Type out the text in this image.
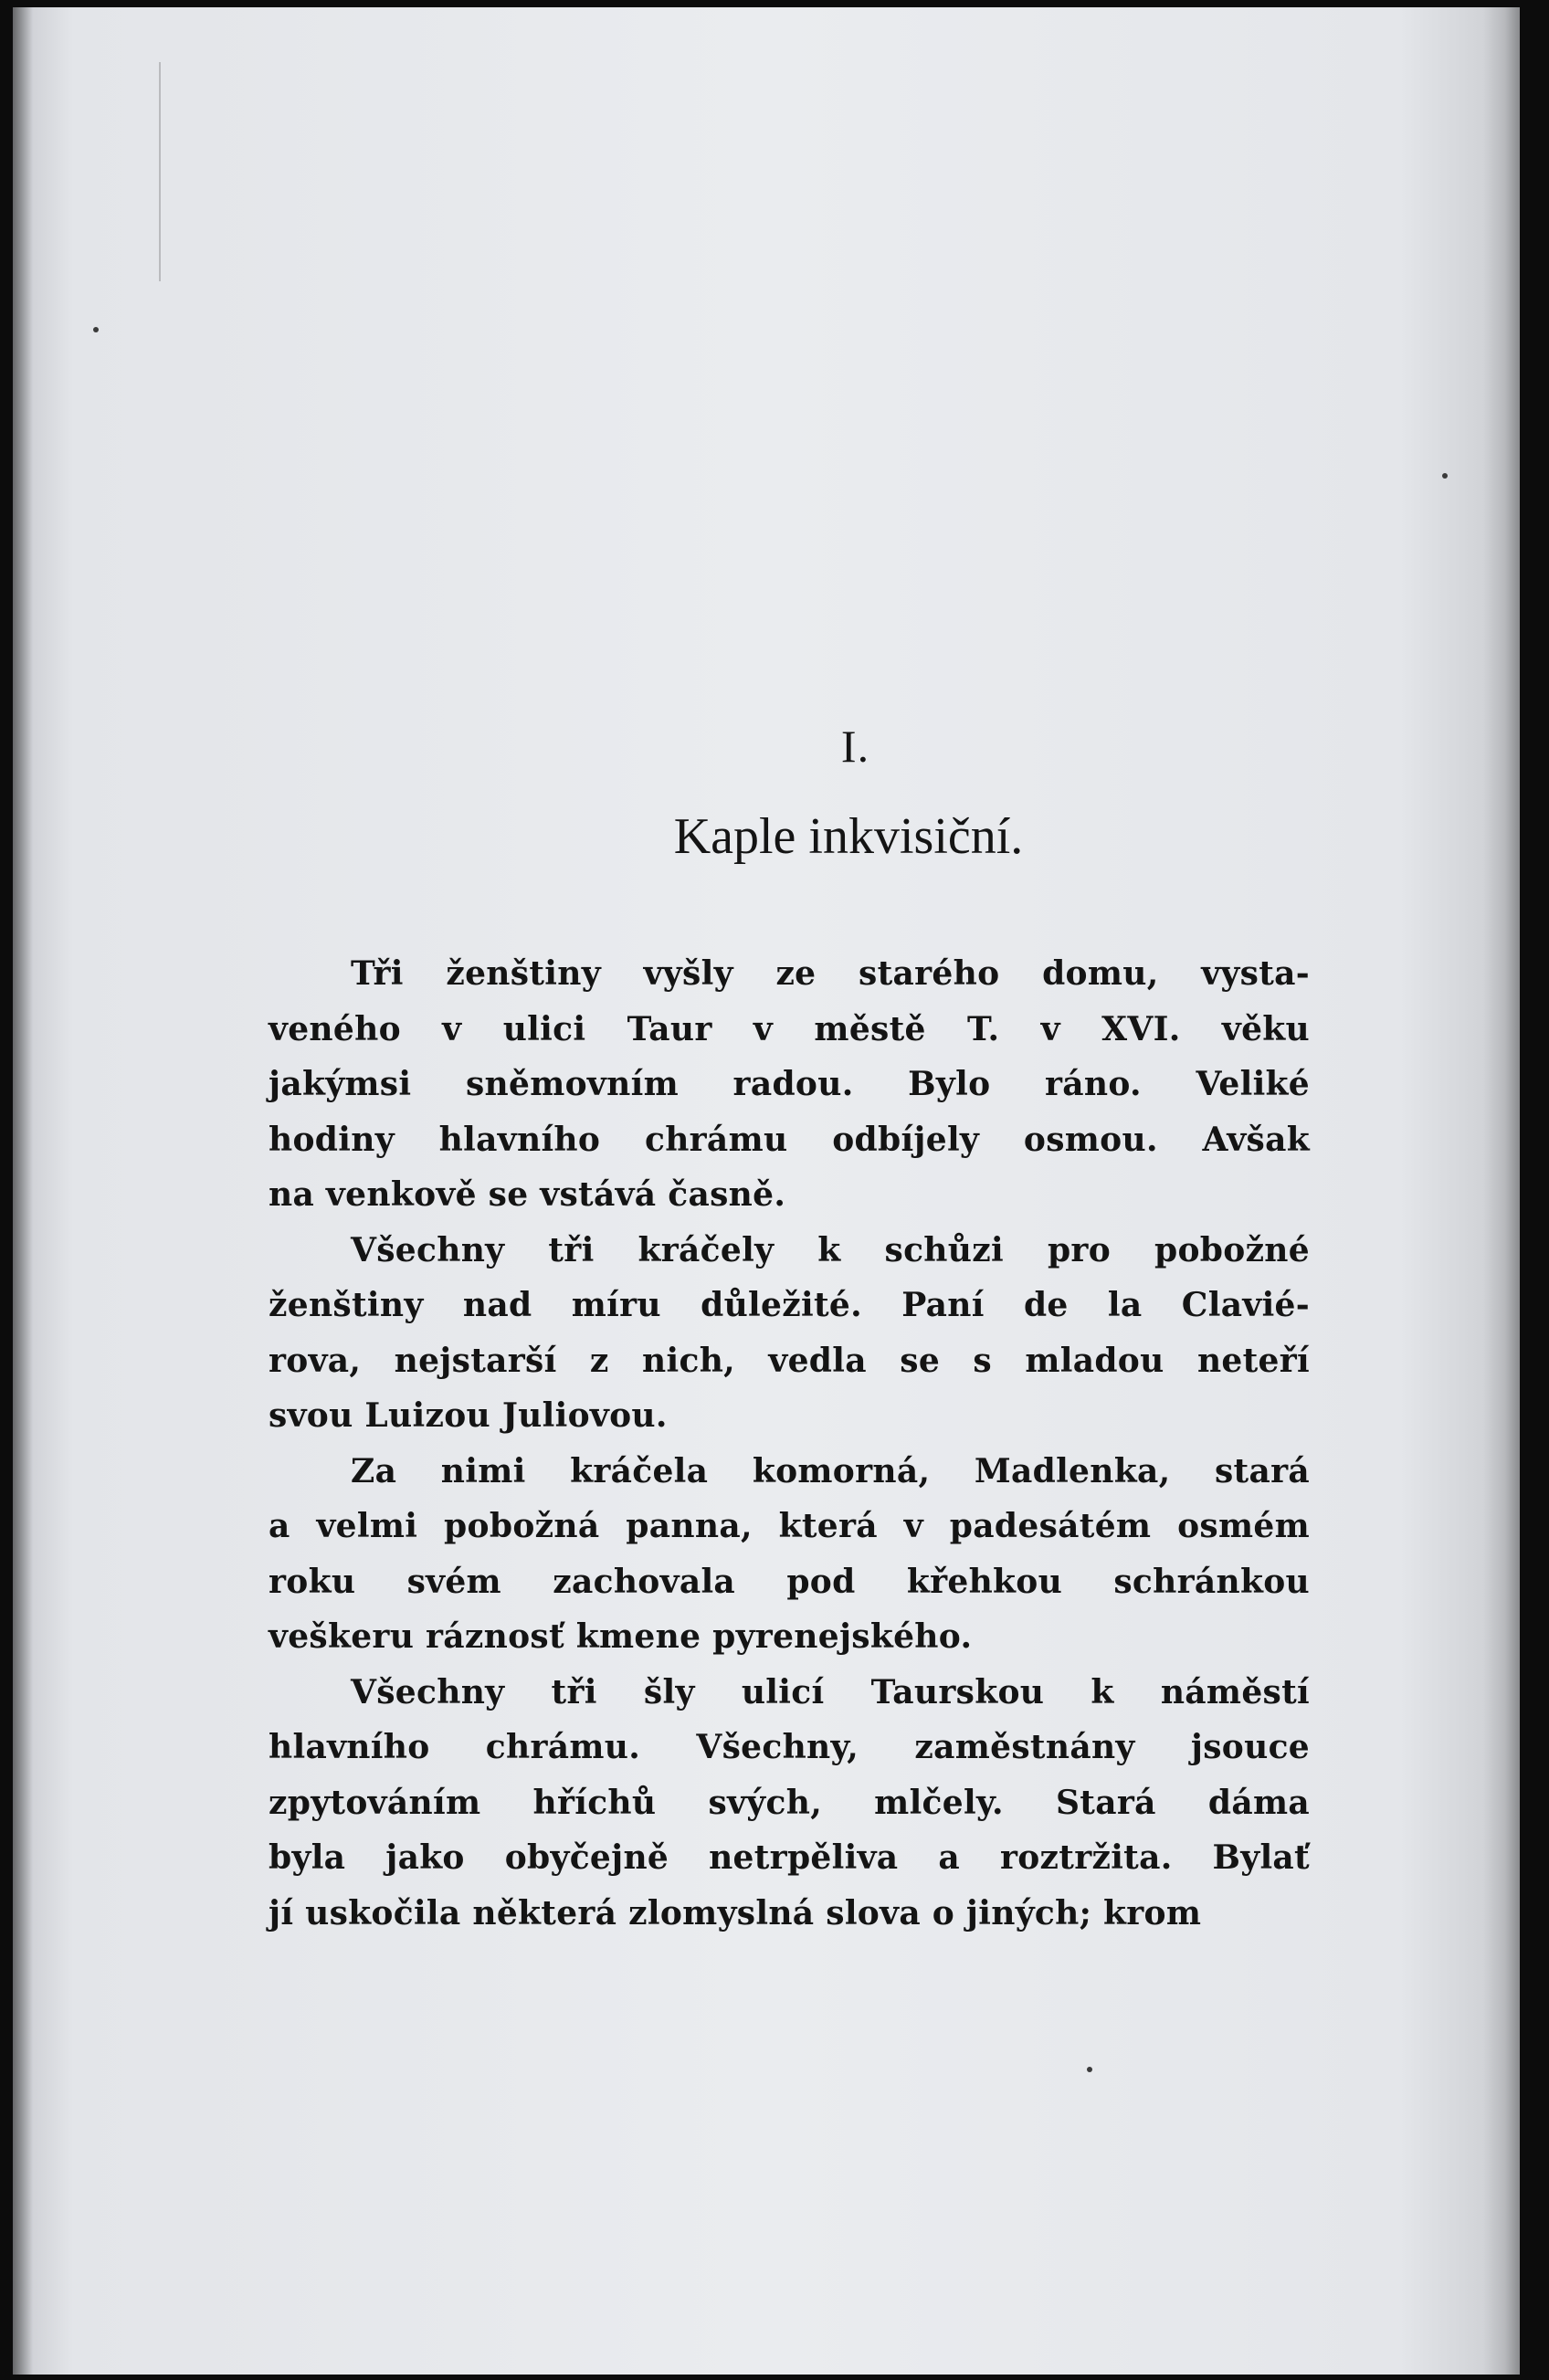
I.
Kaple inkvisiční.
Tři ženštiny vyšly ze starého domu, vysta-
veného v ulici Taur v městě T. v XVI. věku
jakýmsi sněmovním radou. Bylo ráno. Veliké
hodiny hlavního chrámu odbíjely osmou. Avšak
na venkově se vstává časně.
Všechny tři kráčely k schůzi pro pobožné
ženštiny nad míru důležité. Paní de la Clavié-
rova, nejstarší z nich, vedla se s mladou neteří
svou Luizou Juliovou.
Za nimi kráčela komorná, Madlenka, stará
a velmi pobožná panna, která v padesátém osmém
roku svém zachovala pod křehkou schránkou
veškeru ráznosť kmene pyrenejského.
Všechny tři šly ulicí Taurskou k náměstí
hlavního chrámu. Všechny, zaměstnány jsouce
zpytováním hříchů svých, mlčely. Stará dáma
byla jako obyčejně netrpěliva a roztržita. Bylať
jí uskočila některá zlomyslná slova o jiných; krom
